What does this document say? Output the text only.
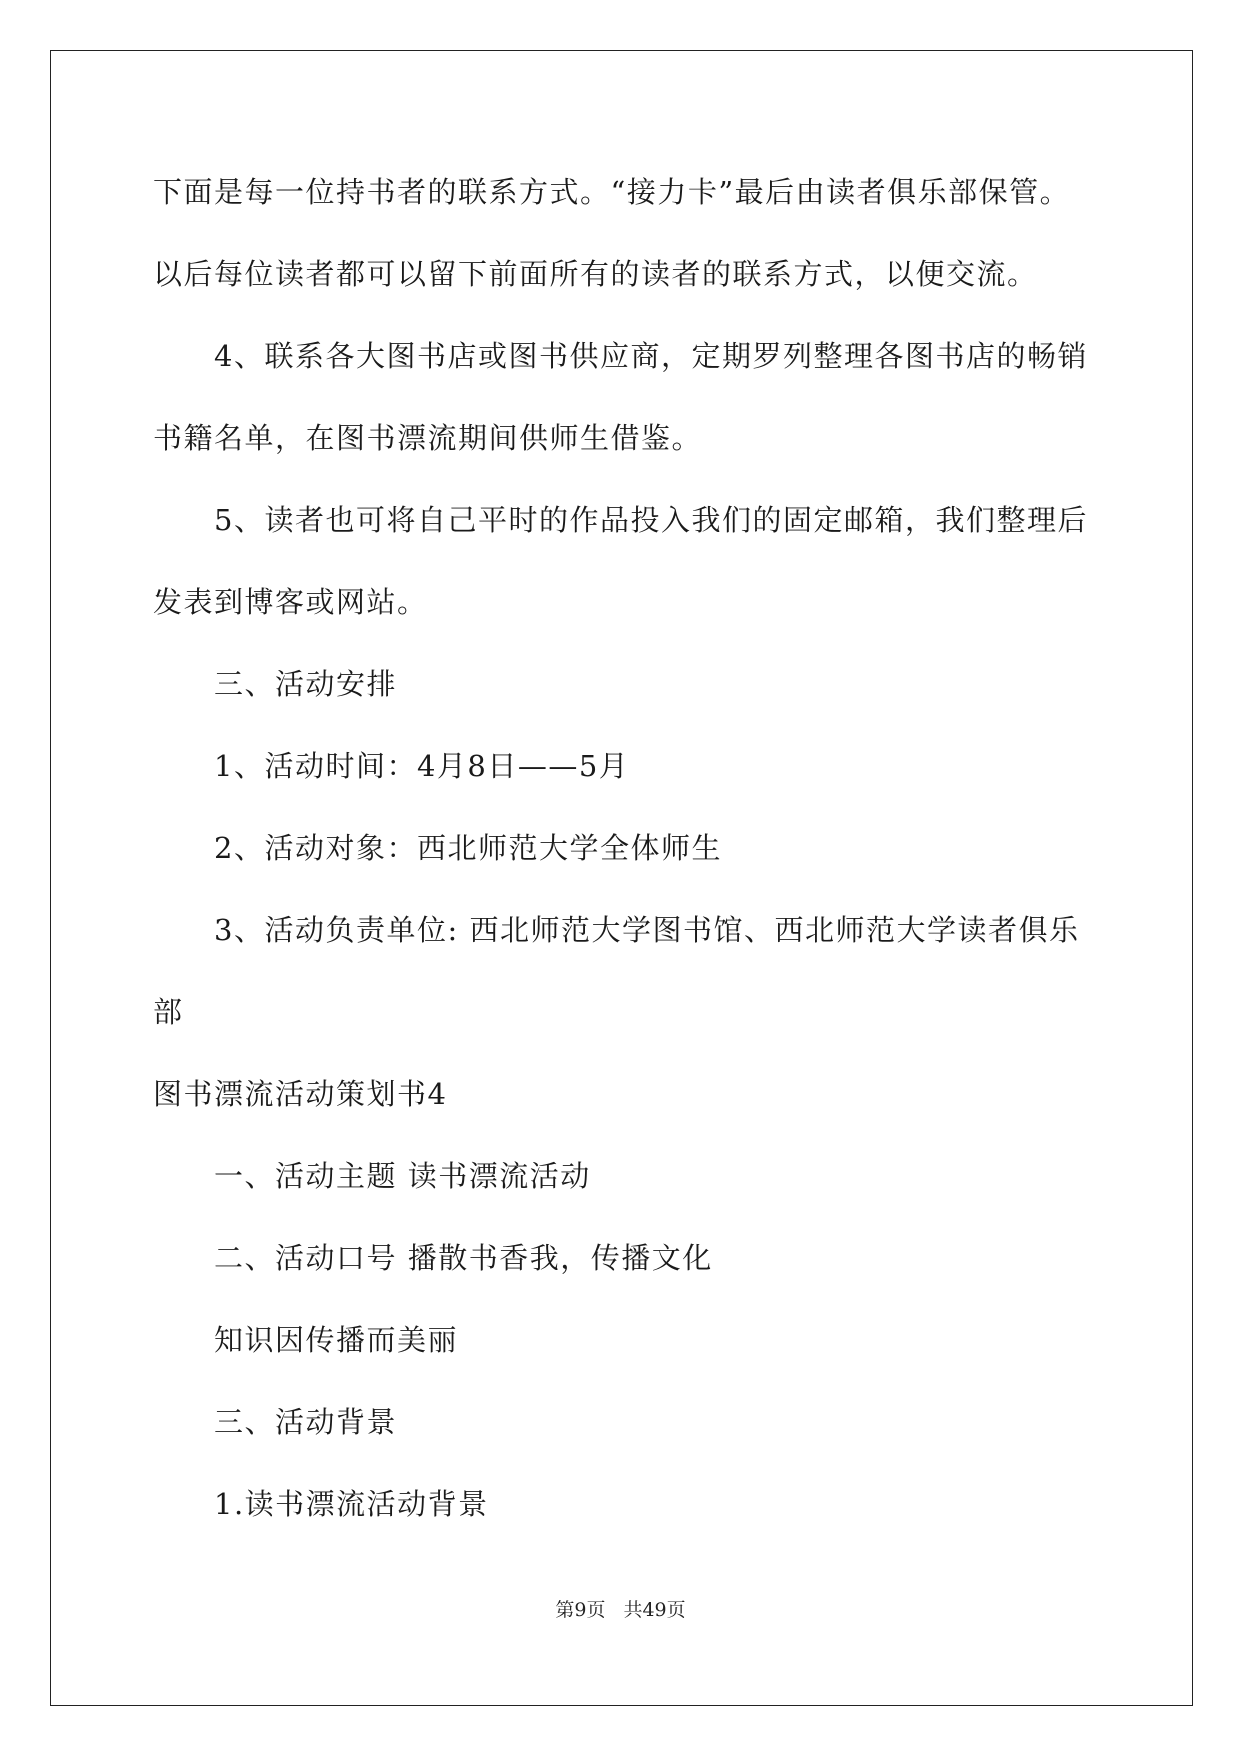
下面是每一位持书者的联系方式。“接力卡”最后由读者俱乐部保管。
以后每位读者都可以留下前面所有的读者的联系方式，以便交流。
4、联系各大图书店或图书供应商，定期罗列整理各图书店的畅销
书籍名单，在图书漂流期间供师生借鉴。
5、读者也可将自己平时的作品投入我们的固定邮箱，我们整理后
发表到博客或网站。
三、活动安排
1、活动时间：4月8日——5月
2、活动对象：西北师范大学全体师生
3、活动负责单位: 西北师范大学图书馆、西北师范大学读者俱乐
部
图书漂流活动策划书4
一、活动主题 读书漂流活动
二、活动口号 播散书香我，传播文化
知识因传播而美丽
三、活动背景
1.读书漂流活动背景
第9页 共49页
